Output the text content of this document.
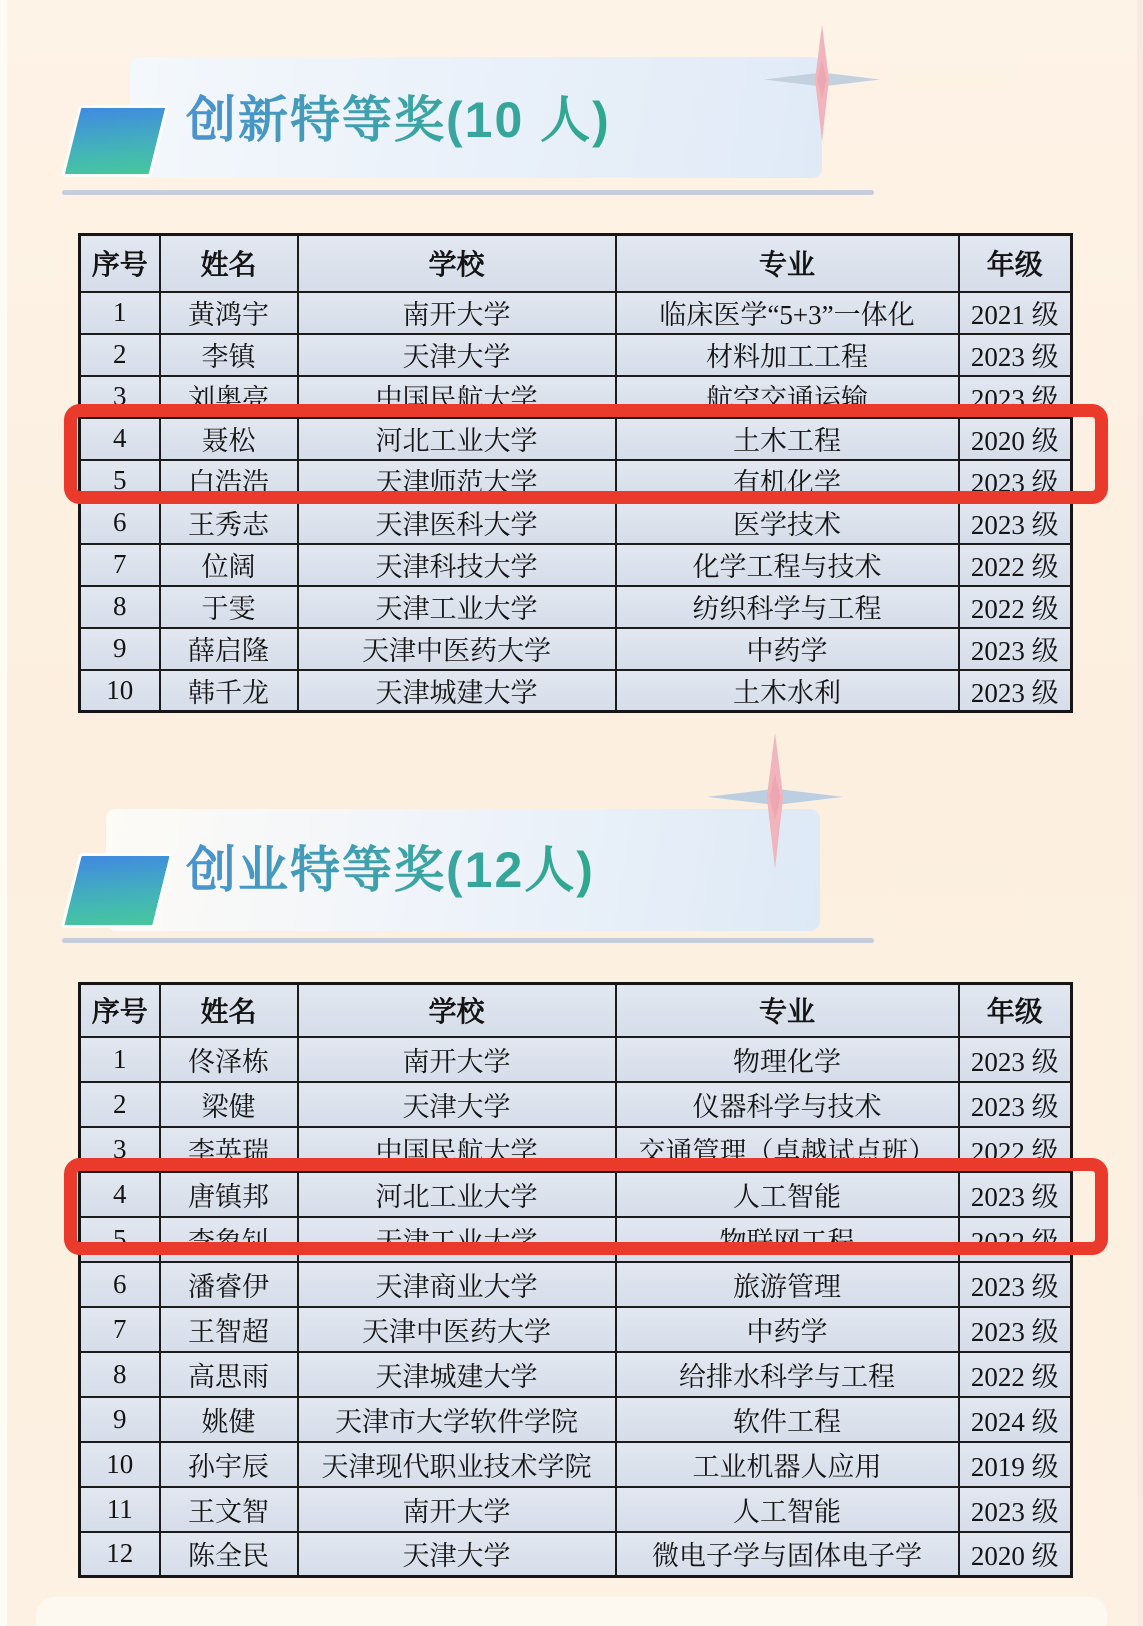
创新特等奖(10 人)
序号	姓名	学校	专业	年级
1	黄鸿宇	南开大学	临床医学“5+3”一体化	2021 级
2	李镇	天津大学	材料加工工程	2023 级
3	刘奥亮	中国民航大学	航空交通运输	2023 级
4	聂松	河北工业大学	土木工程	2020 级
5	白浩浩	天津师范大学	有机化学	2023 级
6	王秀志	天津医科大学	医学技术	2023 级
7	位阔	天津科技大学	化学工程与技术	2022 级
8	于雯	天津工业大学	纺织科学与工程	2022 级
9	薛启隆	天津中医药大学	中药学	2023 级
10	韩千龙	天津城建大学	土木水利	2023 级
创业特等奖(12人)
序号	姓名	学校	专业	年级
1	佟泽栋	南开大学	物理化学	2023 级
2	梁健	天津大学	仪器科学与技术	2023 级
3	李英瑞	中国民航大学	交通管理（卓越试点班）	2022 级
4	唐镇邦	河北工业大学	人工智能	2023 级
5	李象钊	天津工业大学	物联网工程	2022 级
6	潘睿伊	天津商业大学	旅游管理	2023 级
7	王智超	天津中医药大学	中药学	2023 级
8	高思雨	天津城建大学	给排水科学与工程	2022 级
9	姚健	天津市大学软件学院	软件工程	2024 级
10	孙宇辰	天津现代职业技术学院	工业机器人应用	2019 级
11	王文智	南开大学	人工智能	2023 级
12	陈全民	天津大学	微电子学与固体电子学	2020 级
